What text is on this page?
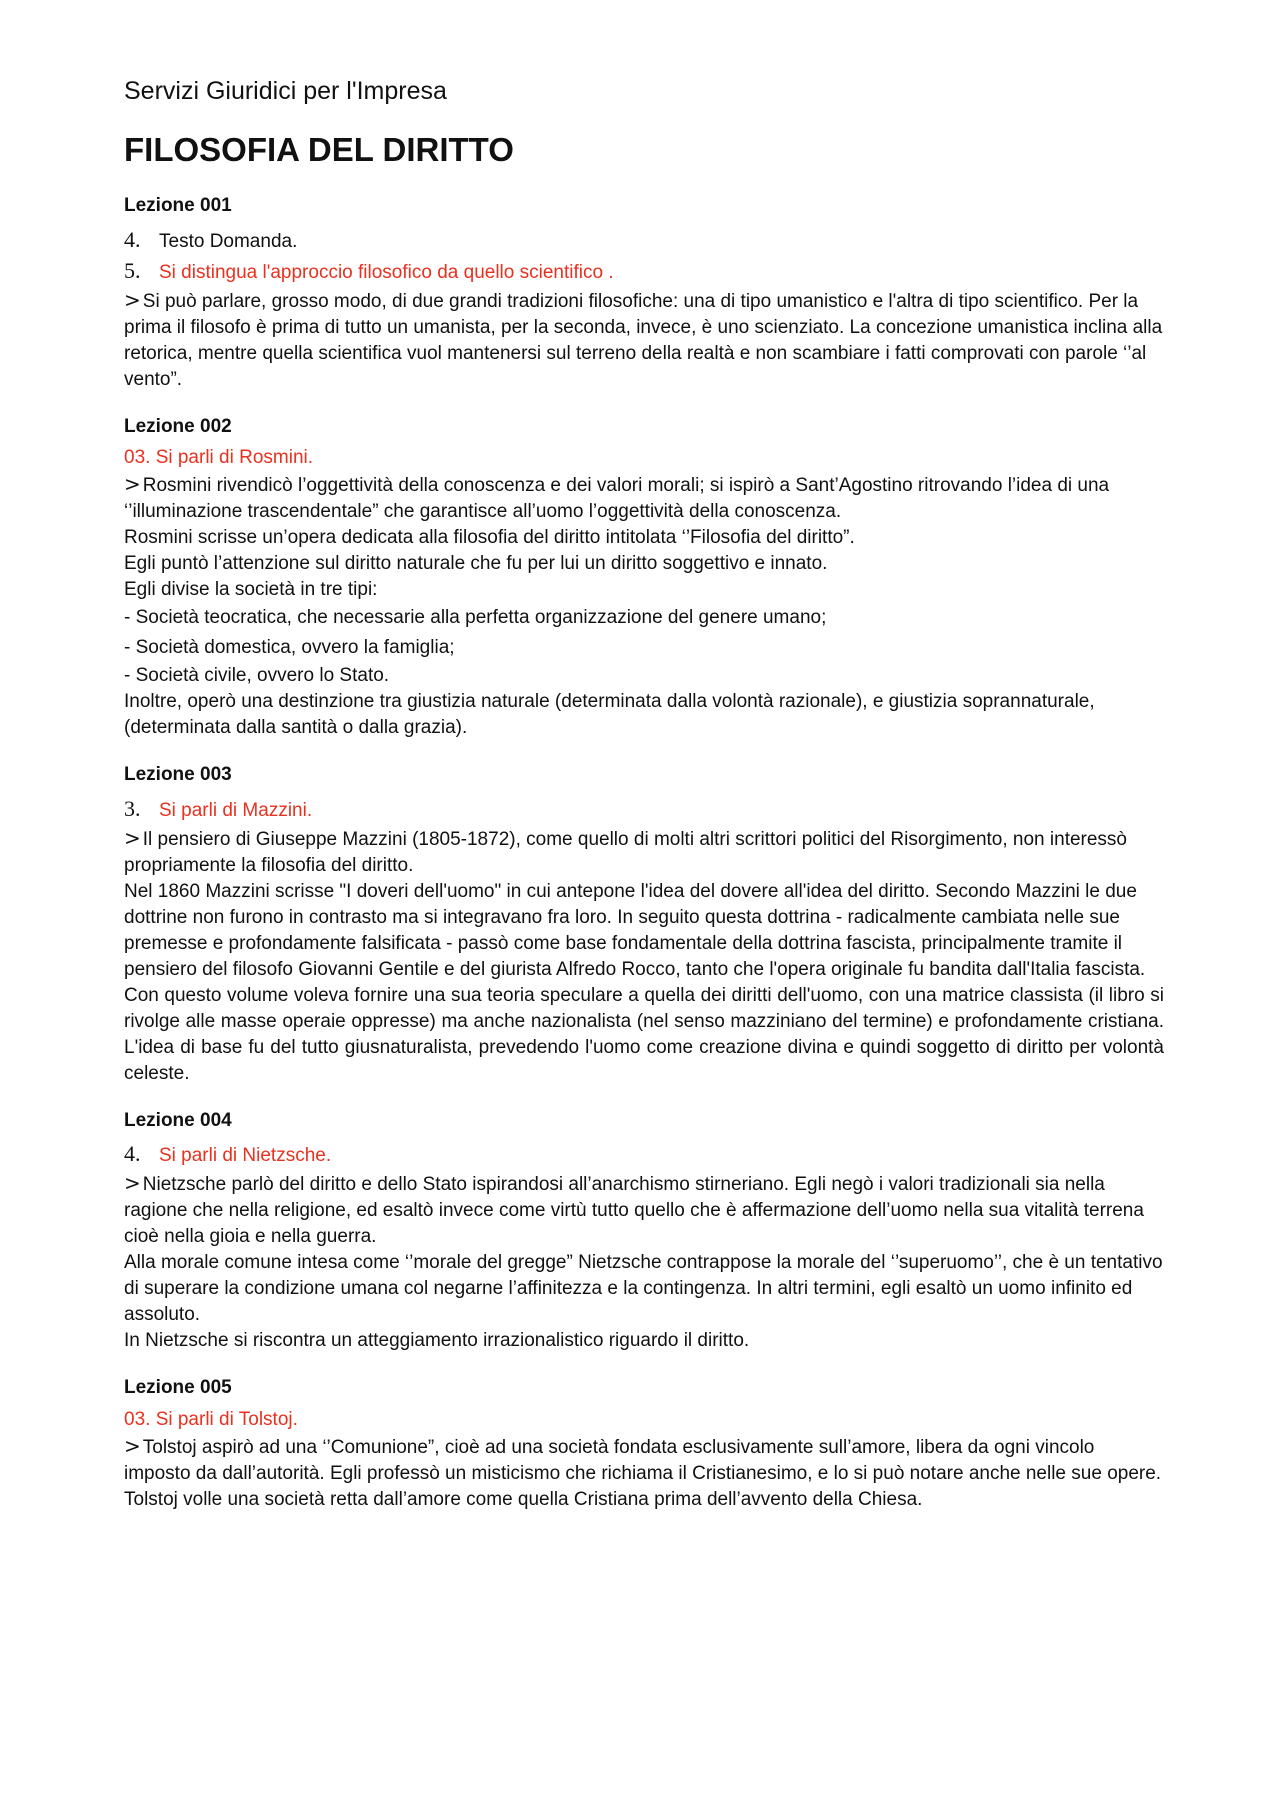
Servizi Giuridici per l'Impresa
FILOSOFIA DEL DIRITTO
Lezione 001

4. Testo Domanda.

5. Si distingua l'approccio filosofico da quello scientifico .

> Si può parlare, grosso modo, di due grandi tradizioni filosofiche: una di tipo umanistico e l'altra di tipo scientifico. Per la prima il filosofo è prima di tutto un umanista, per la seconda, invece, è uno scienziato. La concezione umanistica inclina alla retorica, mentre quella scientifica vuol mantenersi sul terreno della realtà e non scambiare i fatti comprovati con parole ‘’al vento”.

Lezione 002

03. Si parli di Rosmini.

> Rosmini rivendicò l’oggettività della conoscenza e dei valori morali; si ispirò a Sant’Agostino ritrovando l’idea di una ‘’illuminazione trascendentale” che garantisce all’uomo l’oggettività della conoscenza.

Rosmini scrisse un’opera dedicata alla filosofia del diritto intitolata ‘’Filosofia del diritto”.

Egli puntò l’attenzione sul diritto naturale che fu per lui un diritto soggettivo e innato.

Egli divise la società in tre tipi:

- Società teocratica, che necessarie alla perfetta organizzazione del genere umano;

- Società domestica, ovvero la famiglia;

- Società civile, ovvero lo Stato.

Inoltre, operò una destinzione tra giustizia naturale (determinata dalla volontà razionale), e giustizia soprannaturale, (determinata dalla santità o dalla grazia).

Lezione 003

3. Si parli di Mazzini.

> Il pensiero di Giuseppe Mazzini (1805-1872), come quello di molti altri scrittori politici del Risorgimento, non interessò propriamente la filosofia del diritto.

Nel 1860 Mazzini scrisse "I doveri dell'uomo" in cui antepone l'idea del dovere all'idea del diritto. Secondo Mazzini le due dottrine non furono in contrasto ma si integravano fra loro. In seguito questa dottrina - radicalmente cambiata nelle sue premesse e profondamente falsificata - passò come base fondamentale della dottrina fascista, principalmente tramite il pensiero del filosofo Giovanni Gentile e del giurista Alfredo Rocco, tanto che l'opera originale fu bandita dall'Italia fascista.

Con questo volume voleva fornire una sua teoria speculare a quella dei diritti dell'uomo, con una matrice classista (il libro si rivolge alle masse operaie oppresse) ma anche nazionalista (nel senso mazziniano del termine) e profondamente cristiana. L'idea di base fu del tutto giusnaturalista, prevedendo l'uomo come creazione divina e quindi soggetto di diritto per volontà celeste.

Lezione 004

4. Si parli di Nietzsche.

> Nietzsche parlò del diritto e dello Stato ispirandosi all’anarchismo stirneriano. Egli negò i valori tradizionali sia nella ragione che nella religione, ed esaltò invece come virtù tutto quello che è affermazione dell’uomo nella sua vitalità terrena cioè nella gioia e nella guerra.

Alla morale comune intesa come ‘’morale del gregge” Nietzsche contrappose la morale del ‘’superuomo’’, che è un tentativo di superare la condizione umana col negarne l’affinitezza e la contingenza. In altri termini, egli esaltò un uomo infinito ed assoluto.

In Nietzsche si riscontra un atteggiamento irrazionalistico riguardo il diritto.

Lezione 005

03. Si parli di Tolstoj.

> Tolstoj aspirò ad una ‘’Comunione”, cioè ad una società fondata esclusivamente sull’amore, libera da ogni vincolo imposto da dall’autorità. Egli professò un misticismo che richiama il Cristianesimo, e lo si può notare anche nelle sue opere.

Tolstoj volle una società retta dall’amore come quella Cristiana prima dell’avvento della Chiesa.
